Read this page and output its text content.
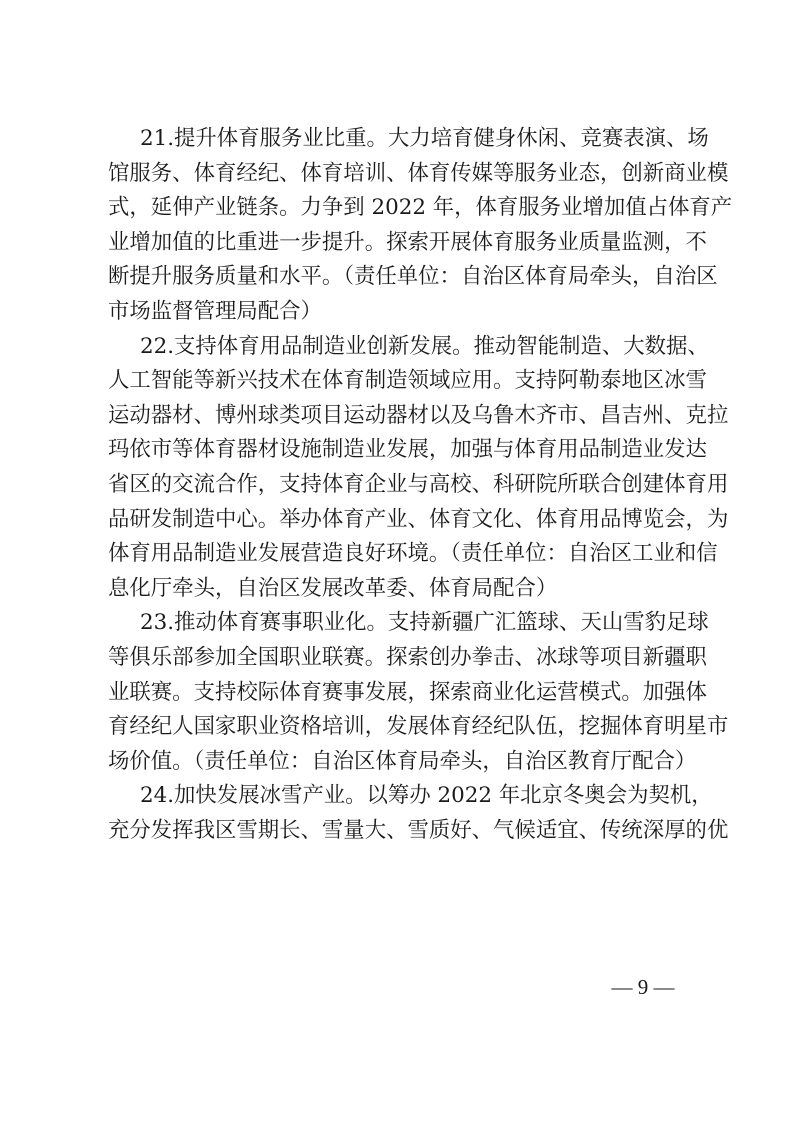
21.提升体育服务业比重。大力培育健身休闲、竞赛表演、场
馆服务、体育经纪、体育培训、体育传媒等服务业态，创新商业模
式，延伸产业链条。力争到 2022 年，体育服务业增加值占体育产
业增加值的比重进一步提升。探索开展体育服务业质量监测，不
断提升服务质量和水平。（责任单位：自治区体育局牵头，自治区
市场监督管理局配合）
22.支持体育用品制造业创新发展。推动智能制造、大数据、
人工智能等新兴技术在体育制造领域应用。支持阿勒泰地区冰雪
运动器材、博州球类项目运动器材以及乌鲁木齐市、昌吉州、克拉
玛依市等体育器材设施制造业发展，加强与体育用品制造业发达
省区的交流合作，支持体育企业与高校、科研院所联合创建体育用
品研发制造中心。举办体育产业、体育文化、体育用品博览会，为
体育用品制造业发展营造良好环境。（责任单位：自治区工业和信
息化厅牵头，自治区发展改革委、体育局配合）
23.推动体育赛事职业化。支持新疆广汇篮球、天山雪豹足球
等俱乐部参加全国职业联赛。探索创办拳击、冰球等项目新疆职
业联赛。支持校际体育赛事发展，探索商业化运营模式。加强体
育经纪人国家职业资格培训，发展体育经纪队伍，挖掘体育明星市
场价值。（责任单位：自治区体育局牵头，自治区教育厅配合）
24.加快发展冰雪产业。以筹办 2022 年北京冬奥会为契机，
充分发挥我区雪期长、雪量大、雪质好、气候适宜、传统深厚的优
— 9 —
